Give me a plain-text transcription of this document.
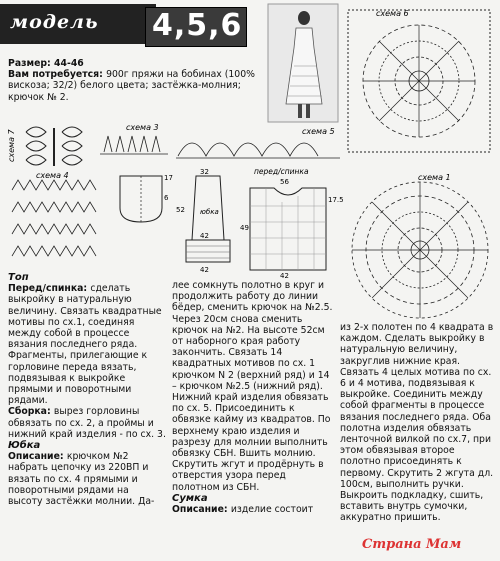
модель 4,5,6

Размер: 44-46

Вам потребуется: 900г пряжи на бобинах (100% вискоза; 32/2) белого цвета; застёжка-молния; крючок № 2.

схема 6
схема 1
схема 3	схема 5
схема 7
схема 4	17
6
52 юбка
32
42
42
перед/спинка
56
17.5
49
42

Топ

Перед/спинка: сделать выкройку в натуральную величину. Связать квадратные мотивы по сх.1, соединяя между собой в процессе вязания последнего ряда. Фрагменты, прилегающие к горловине переда вязать, подвязывая к выкройке прямыми и поворотными рядами.

Сборка: вырез горловины обвязать по сх. 2, а проймы и нижний край изделия - по сх. 3.

Юбка

Описание: крючком №2 набрать цепочку из 220ВП и вязать по сх. 4 прямыми и поворотными рядами на высоту застёжки молнии. Да-

лее сомкнуть полотно в круг и продолжить работу до линии бёдер, сменить крючок на №2.5. Через 20см снова сменить крючок на №2. На высоте 52см от наборного края работу закончить. Связать 14 квадратных мотивов по сх. 1 крючком N 2 (верхний ряд) и 14 – крючком №2.5 (нижний ряд). Нижний край изделия обвязать по сх. 5. Присоединить к обвязке кайму из квадратов. По верхнему краю изделия и разрезу для молнии выполнить обвязку СБН. Вшить молнию. Скрутить жгут и продёрнуть в отверстия узора перед полотном из СБН.

Сумка

Описание: изделие состоит

из 2-х полотен по 4 квадрата в каждом. Сделать выкройку в натуральную величину, закруглив нижние края. Связать 4 целых мотива по сх. 6 и 4 мотива, подвязывая к выкройке. Соединить между собой фрагменты в процессе вязания последнего ряда. Оба полотна изделия обвязать ленточной вилкой по сх.7, при этом обвязывая второе полотно присоединять к первому. Скрутить 2 жгута дл. 100см, выполнить ручки. Выкроить подкладку, сшить, вставить внутрь сумочки, аккуратно пришить.

Страна Мам
